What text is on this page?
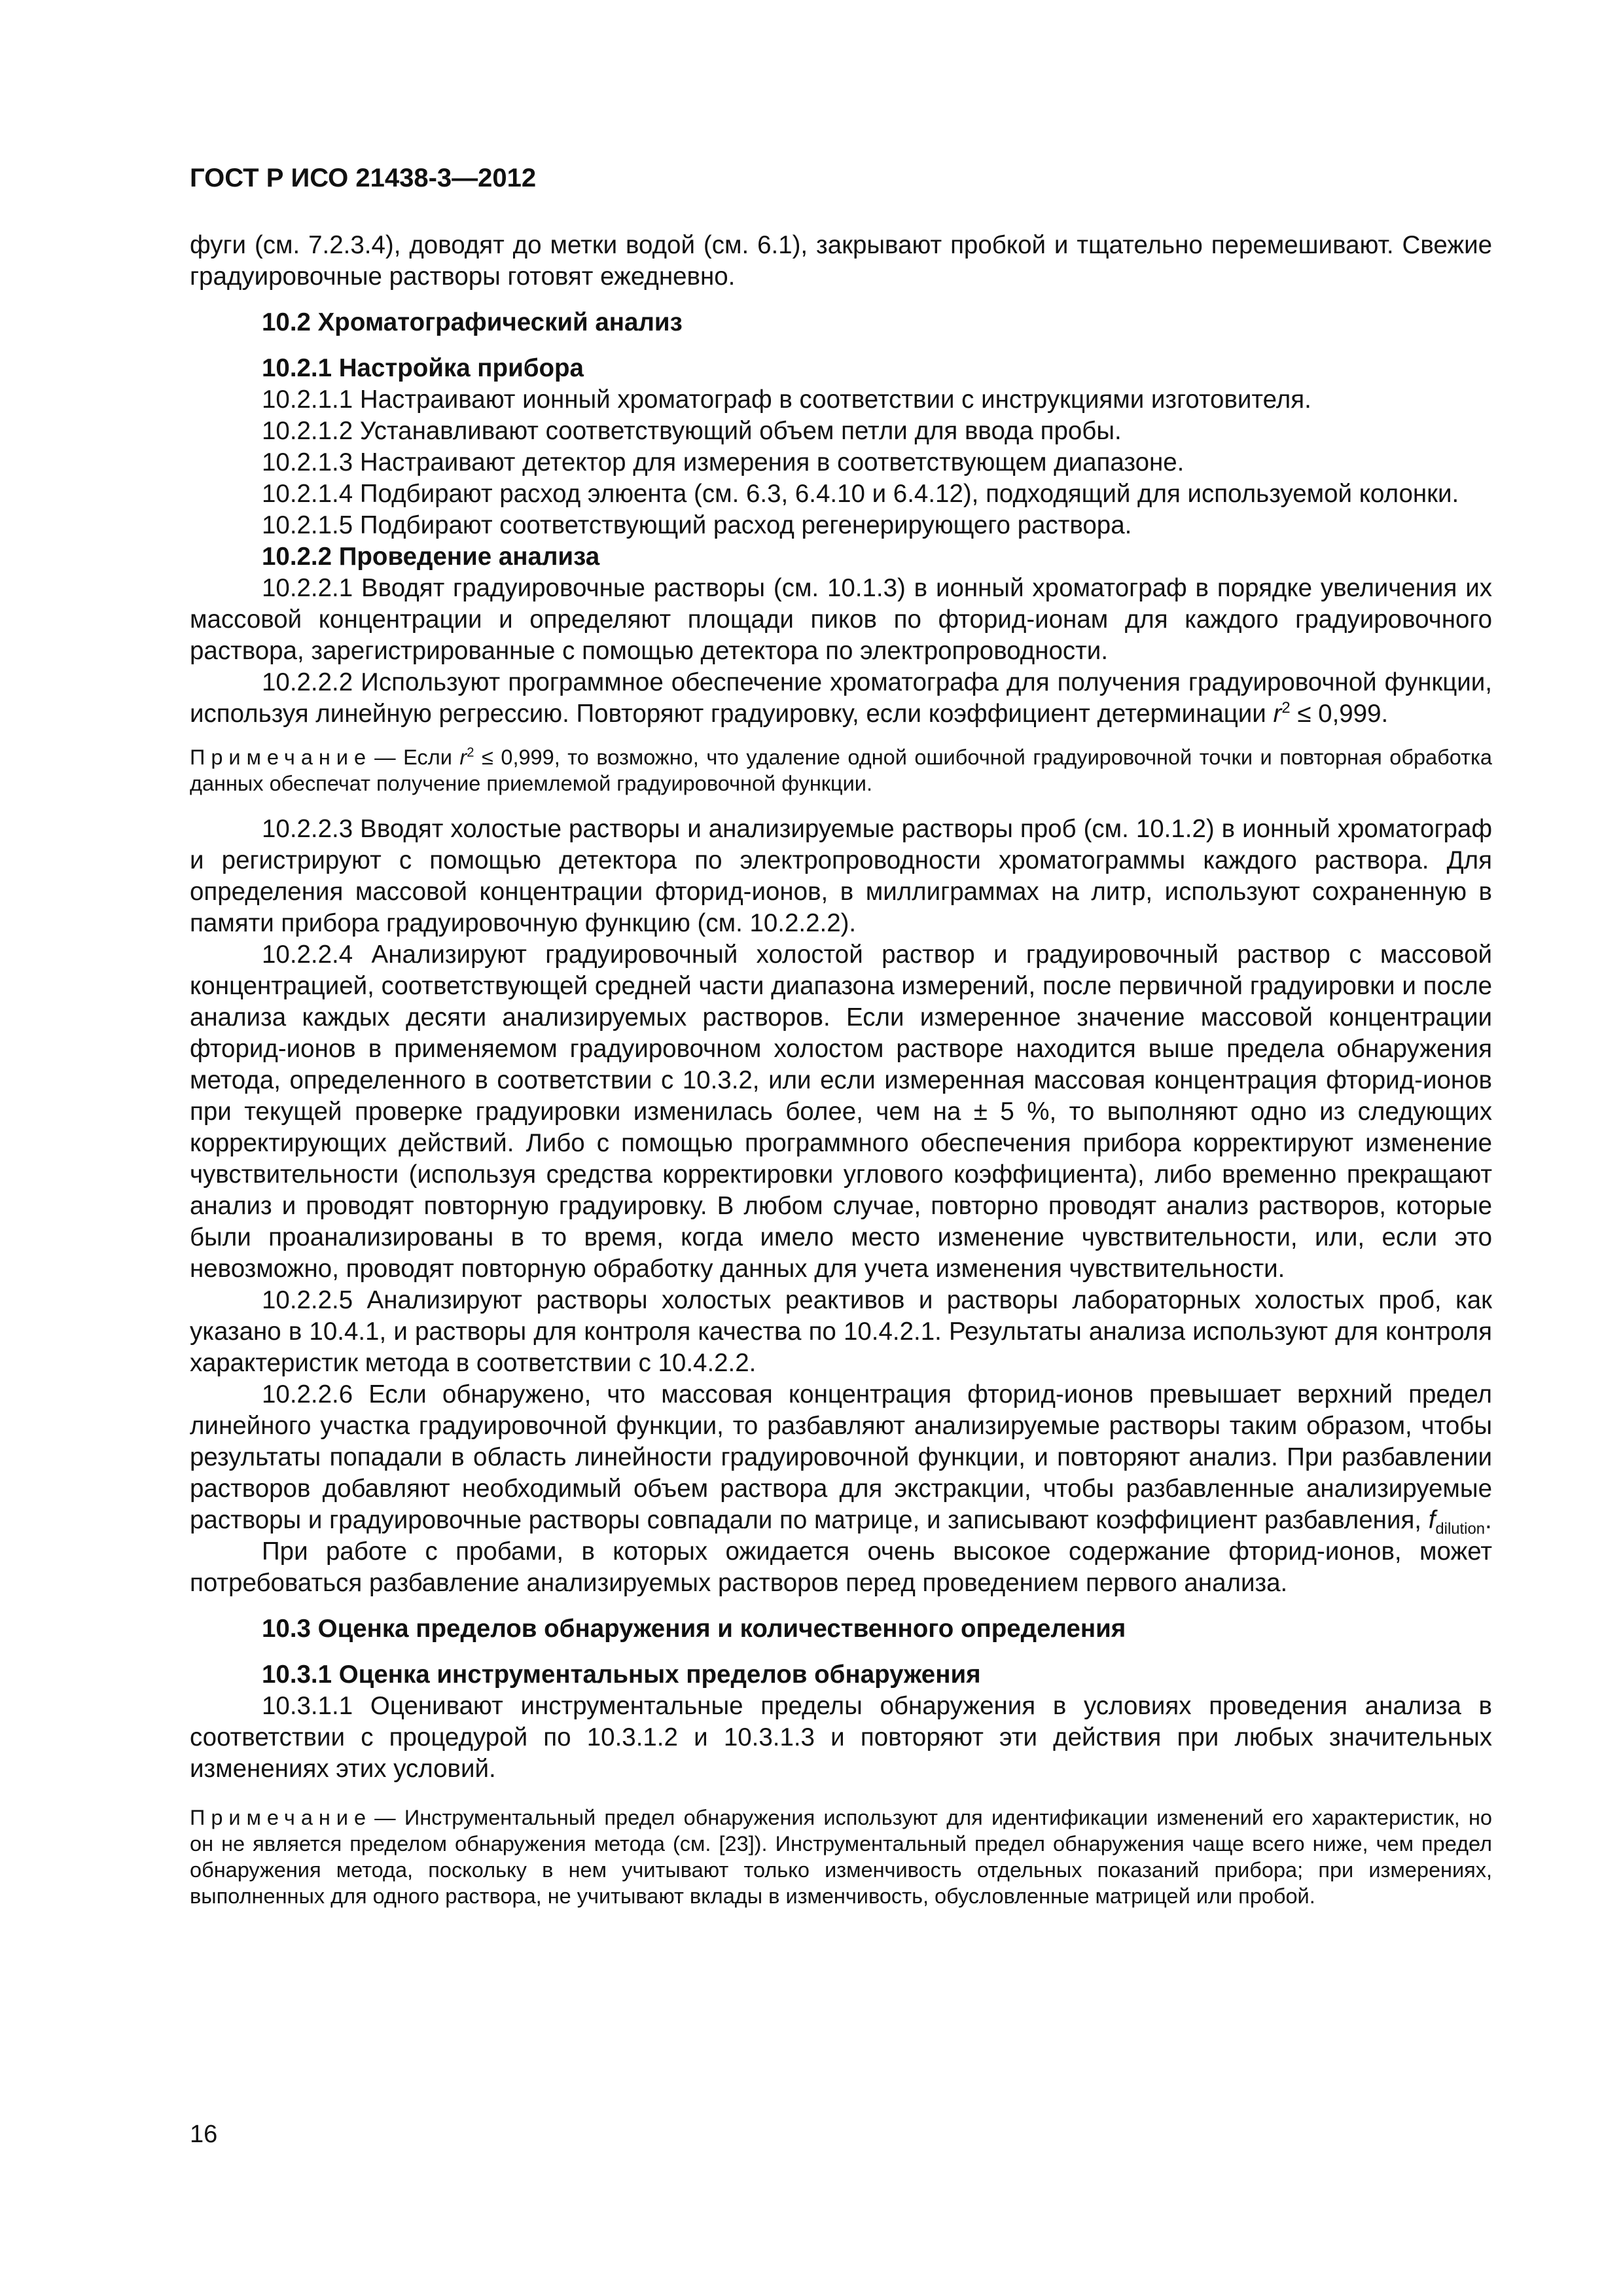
ГОСТ Р ИСО 21438-3—2012

фуги (см. 7.2.3.4), доводят до метки водой (см. 6.1), закрывают пробкой и тщательно перемешивают. Свежие градуировочные растворы готовят ежедневно.

10.2 Хроматографический анализ

10.2.1 Настройка прибора

10.2.1.1 Настраивают ионный хроматограф в соответствии с инструкциями изготовителя.

10.2.1.2 Устанавливают соответствующий объем петли для ввода пробы.

10.2.1.3 Настраивают детектор для измерения в соответствующем диапазоне.

10.2.1.4 Подбирают расход элюента (см. 6.3, 6.4.10 и 6.4.12), подходящий для используемой колонки.

10.2.1.5 Подбирают соответствующий расход регенерирующего раствора.

10.2.2 Проведение анализа

10.2.2.1 Вводят градуировочные растворы (см. 10.1.3) в ионный хроматограф в порядке увеличения их массовой концентрации и определяют площади пиков по фторид-ионам для каждого градуировочного раствора, зарегистрированные с помощью детектора по электропроводности.

10.2.2.2 Используют программное обеспечение хроматографа для получения градуировочной функции, используя линейную регрессию. Повторяют градуировку, если коэффициент детерминации $r^2 \le 0,999$.

Примечание — Если $r^2 \le 0,999$, то возможно, что удаление одной ошибочной градуировочной точки и повторная обработка данных обеспечат получение приемлемой градуировочной функции.

10.2.2.3 Вводят холостые растворы и анализируемые растворы проб (см. 10.1.2) в ионный хроматограф и регистрируют с помощью детектора по электропроводности хроматограммы каждого раствора. Для определения массовой концентрации фторид-ионов, в миллиграммах на литр, используют сохраненную в памяти прибора градуировочную функцию (см. 10.2.2.2).

10.2.2.4 Анализируют градуировочный холостой раствор и градуировочный раствор с массовой концентрацией, соответствующей средней части диапазона измерений, после первичной градуировки и после анализа каждых десяти анализируемых растворов. Если измеренное значение массовой концентрации фторид-ионов в применяемом градуировочном холостом растворе находится выше предела обнаружения метода, определенного в соответствии с 10.3.2, или если измеренная массовая концентрация фторид-ионов при текущей проверке градуировки изменилась более, чем на ± 5 %, то выполняют одно из следующих корректирующих действий. Либо с помощью программного обеспечения прибора корректируют изменение чувствительности (используя средства корректировки углового коэффициента), либо временно прекращают анализ и проводят повторную градуировку. В любом случае, повторно проводят анализ растворов, которые были проанализированы в то время, когда имело место изменение чувствительности, или, если это невозможно, проводят повторную обработку данных для учета изменения чувствительности.

10.2.2.5 Анализируют растворы холостых реактивов и растворы лабораторных холостых проб, как указано в 10.4.1, и растворы для контроля качества по 10.4.2.1. Результаты анализа используют для контроля характеристик метода в соответствии с 10.4.2.2.

10.2.2.6 Если обнаружено, что массовая концентрация фторид-ионов превышает верхний предел линейного участка градуировочной функции, то разбавляют анализируемые растворы таким образом, чтобы результаты попадали в область линейности градуировочной функции, и повторяют анализ. При разбавлении растворов добавляют необходимый объем раствора для экстракции, чтобы разбавленные анализируемые растворы и градуировочные растворы совпадали по матрице, и записывают коэффициент разбавления, $f_{dilution}$.

При работе с пробами, в которых ожидается очень высокое содержание фторид-ионов, может потребоваться разбавление анализируемых растворов перед проведением первого анализа.

10.3 Оценка пределов обнаружения и количественного определения

10.3.1 Оценка инструментальных пределов обнаружения

10.3.1.1 Оценивают инструментальные пределы обнаружения в условиях проведения анализа в соответствии с процедурой по 10.3.1.2 и 10.3.1.3 и повторяют эти действия при любых значительных изменениях этих условий.

Примечание — Инструментальный предел обнаружения используют для идентификации изменений его характеристик, но он не является пределом обнаружения метода (см. [23]). Инструментальный предел обнаружения чаще всего ниже, чем предел обнаружения метода, поскольку в нем учитывают только изменчивость отдельных показаний прибора; при измерениях, выполненных для одного раствора, не учитывают вклады в изменчивость, обусловленные матрицей или пробой.

16
